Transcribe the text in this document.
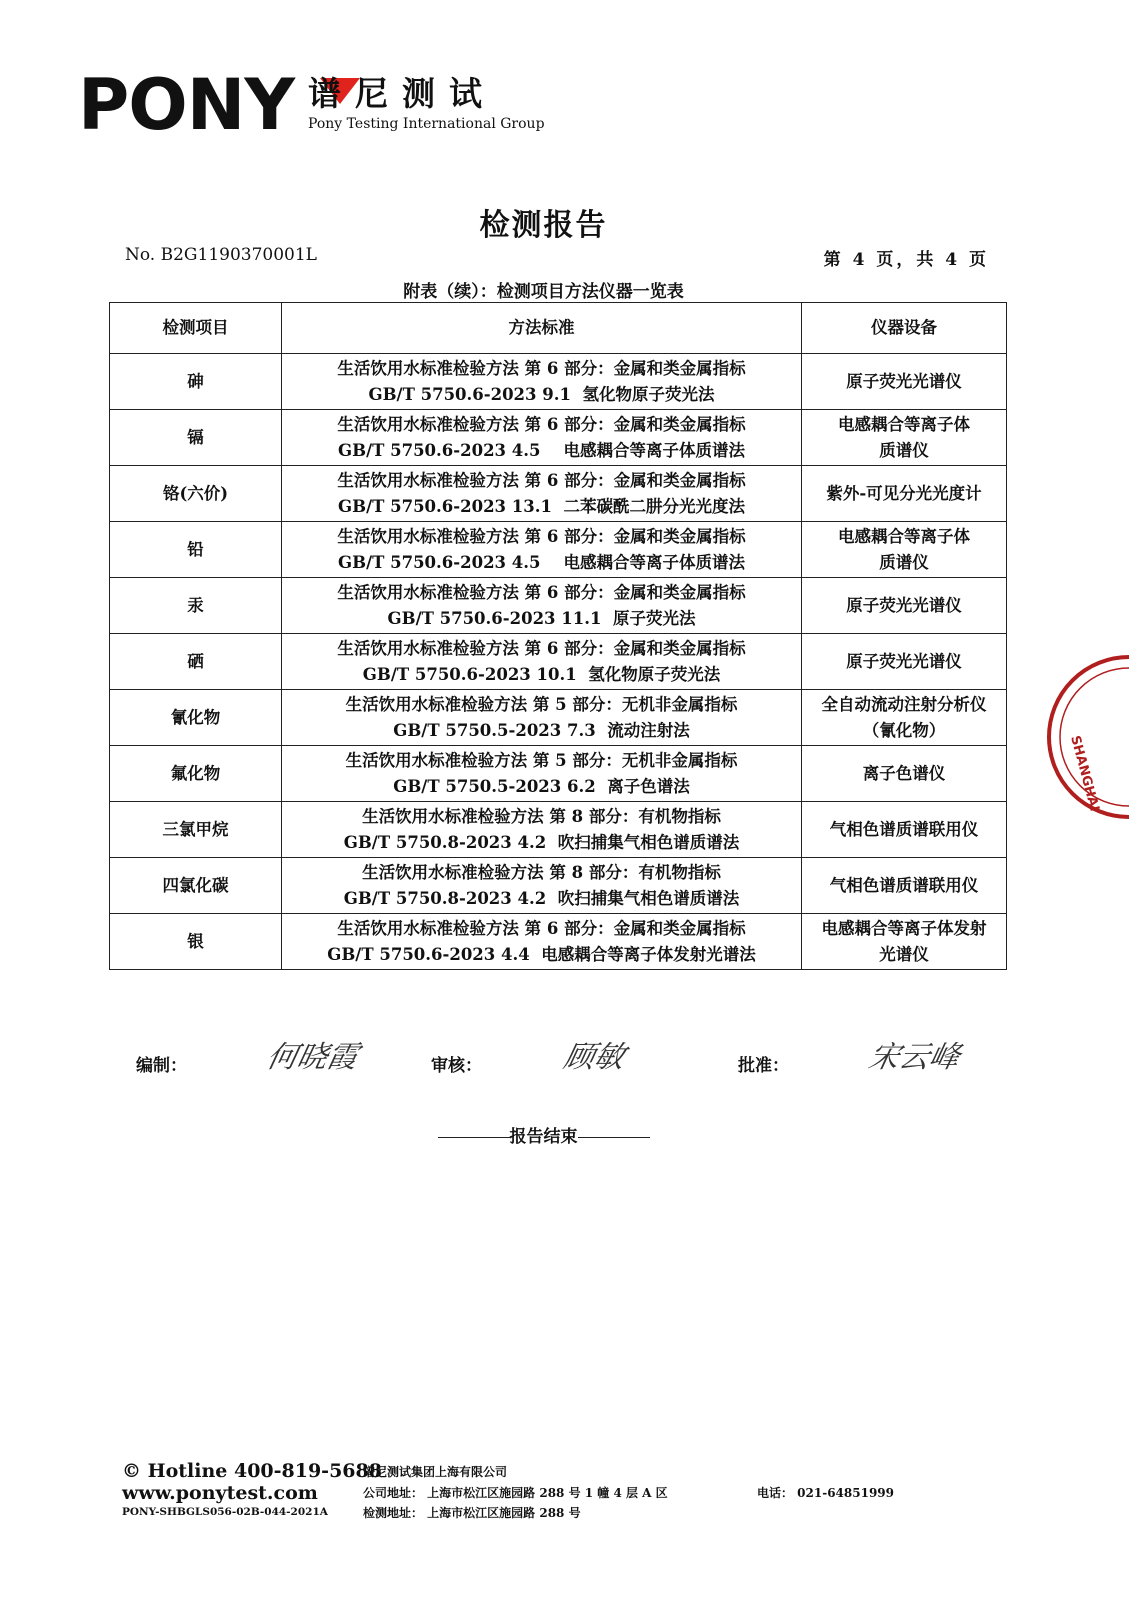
PONY 谱尼测试
Pony Testing International Group
检测报告
No. B2G1190370001L	第 4 页，共 4 页
附表（续）：检测项目方法仪器一览表
检测项目	方法标准	仪器设备
砷	生活饮用水标准检验方法 第 6 部分：金属和类金属指标
GB/T 5750.6-2023 9.1  氢化物原子荧光法	原子荧光光谱仪

镉	生活饮用水标准检验方法 第 6 部分：金属和类金属指标
GB/T 5750.6-2023 4.5    电感耦合等离子体质谱法	电感耦合等离子体
质谱仪

铬(六价)	生活饮用水标准检验方法 第 6 部分：金属和类金属指标
GB/T 5750.6-2023 13.1  二苯碳酰二肼分光光度法	紫外-可见分光光度计

铅	生活饮用水标准检验方法 第 6 部分：金属和类金属指标
GB/T 5750.6-2023 4.5    电感耦合等离子体质谱法	电感耦合等离子体
质谱仪

汞	生活饮用水标准检验方法 第 6 部分：金属和类金属指标
GB/T 5750.6-2023 11.1  原子荧光法	原子荧光光谱仪

硒	生活饮用水标准检验方法 第 6 部分：金属和类金属指标
GB/T 5750.6-2023 10.1  氢化物原子荧光法	原子荧光光谱仪

氰化物	生活饮用水标准检验方法 第 5 部分：无机非金属指标
GB/T 5750.5-2023 7.3  流动注射法	全自动流动注射分析仪
（氰化物）

氟化物	生活饮用水标准检验方法 第 5 部分：无机非金属指标
GB/T 5750.5-2023 6.2  离子色谱法	离子色谱仪

三氯甲烷	生活饮用水标准检验方法 第 8 部分：有机物指标
GB/T 5750.8-2023 4.2  吹扫捕集气相色谱质谱法	气相色谱质谱联用仪

四氯化碳	生活饮用水标准检验方法 第 8 部分：有机物指标
GB/T 5750.8-2023 4.2  吹扫捕集气相色谱质谱法	气相色谱质谱联用仪

银	生活饮用水标准检验方法 第 6 部分：金属和类金属指标
GB/T 5750.6-2023 4.4  电感耦合等离子体发射光谱法	电感耦合等离子体发射
光谱仪
编制：	何晓霞	审核：	顾敏	批准：	宋云峰
报告结束
SHANGHAI
© Hotline 400-819-5688
www.ponytest.com
PONY-SHBGLS056-02B-044-2021A
谱尼测试集团上海有限公司
公司地址： 上海市松江区施园路 288 号 1 幢 4 层 A 区
检测地址： 上海市松江区施园路 288 号
电话： 021-64851999
